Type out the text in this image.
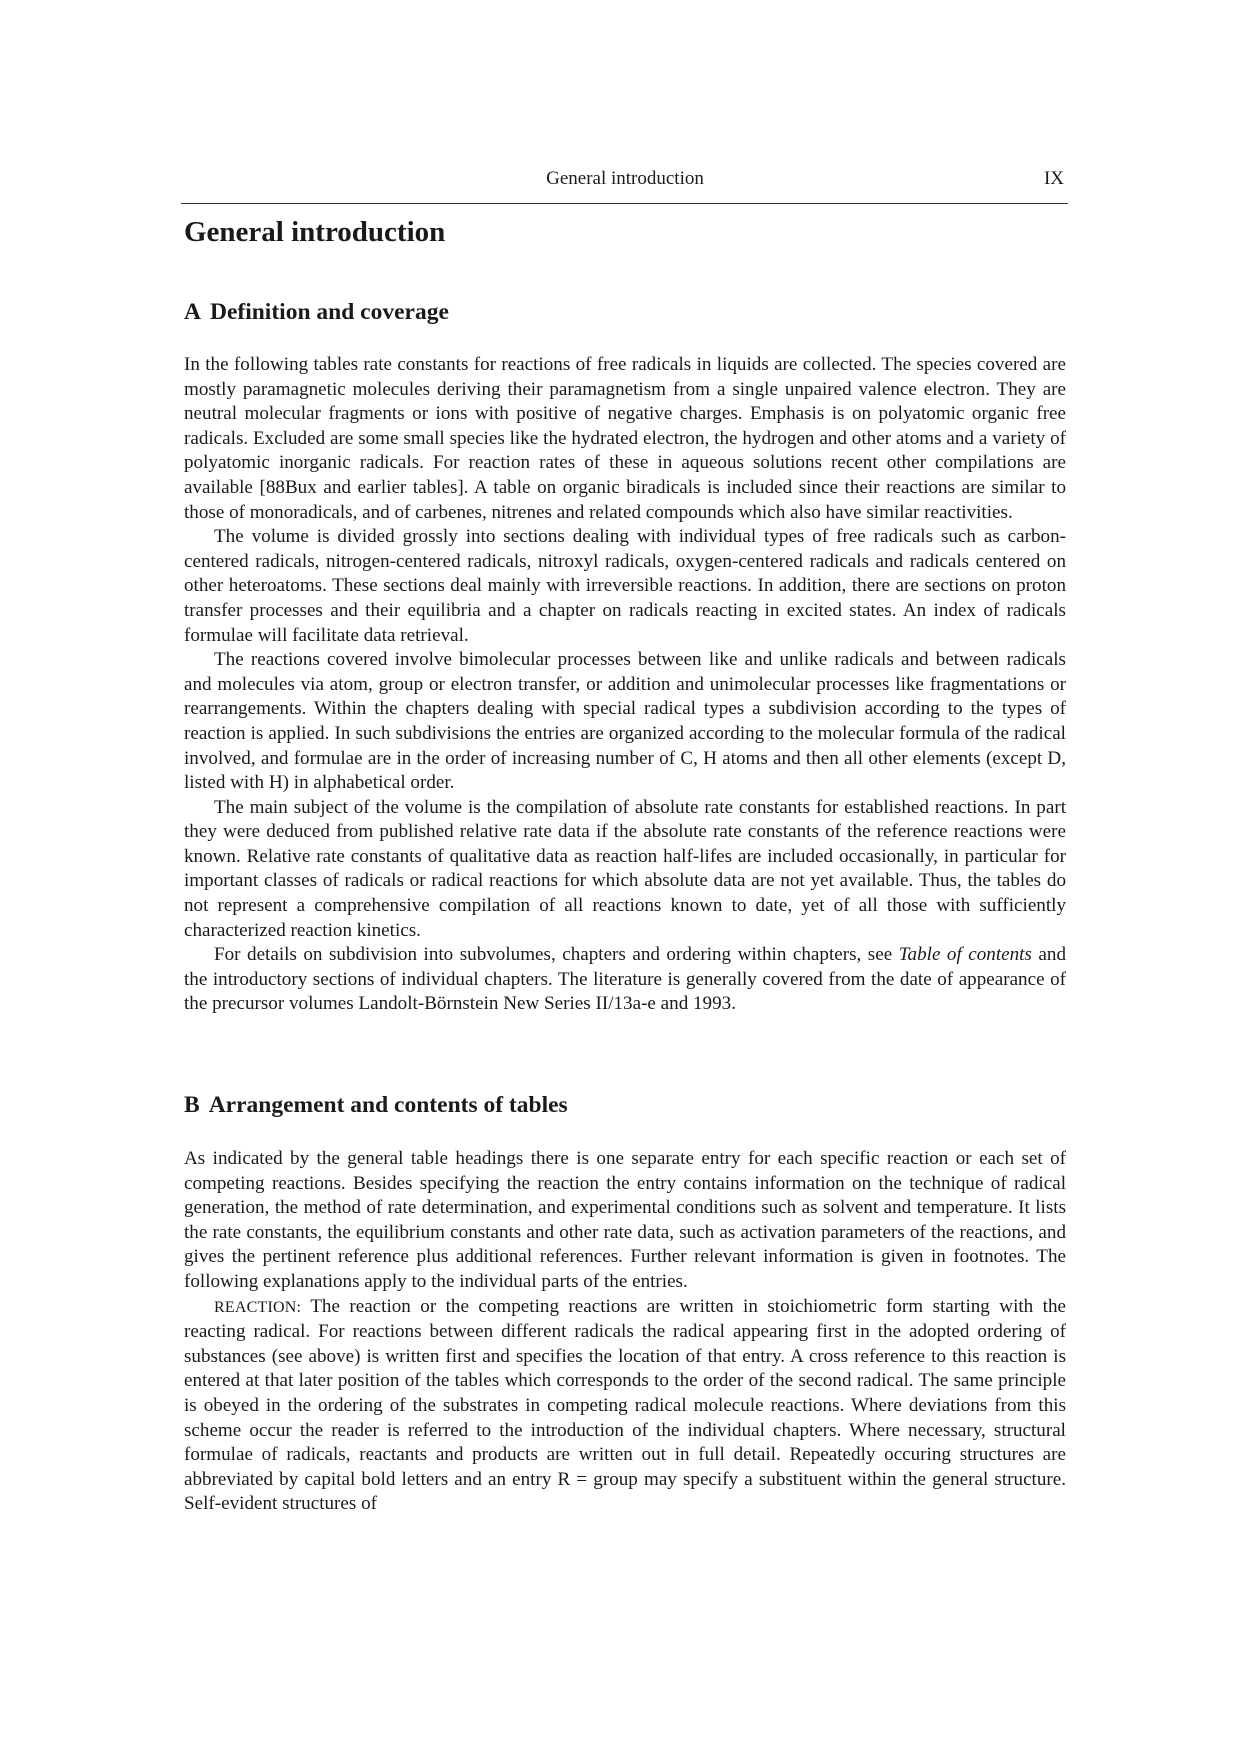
General introduction	IX
General introduction
A Definition and coverage

In the following tables rate constants for reactions of free radicals in liquids are collected. The species covered are mostly paramagnetic molecules deriving their paramagnetism from a single unpaired valence electron. They are neutral molecular fragments or ions with positive of negative charges. Emphasis is on polyatomic organic free radicals. Excluded are some small species like the hydrated electron, the hydrogen and other atoms and a variety of polyatomic inorganic radicals. For reaction rates of these in aqueous solutions recent other compilations are available [88Bux and earlier tables]. A table on organic biradicals is included since their reactions are similar to those of monoradicals, and of carbenes, nitrenes and related compounds which also have similar reactivities.

The volume is divided grossly into sections dealing with individual types of free radicals such as carbon-centered radicals, nitrogen-centered radicals, nitroxyl radicals, oxygen-centered radicals and radicals centered on other heteroatoms. These sections deal mainly with irreversible reactions. In addition, there are sections on proton transfer processes and their equilibria and a chapter on radicals reacting in excited states. An index of radicals formulae will facilitate data retrieval.

The reactions covered involve bimolecular processes between like and unlike radicals and between radicals and molecules via atom, group or electron transfer, or addition and unimolecular processes like fragmentations or rearrangements. Within the chapters dealing with special radical types a subdivision according to the types of reaction is applied. In such subdivisions the entries are organized according to the molecular formula of the radical involved, and formulae are in the order of increasing number of C, H atoms and then all other elements (except D, listed with H) in alphabetical order.

The main subject of the volume is the compilation of absolute rate constants for established reactions. In part they were deduced from published relative rate data if the absolute rate constants of the reference reactions were known. Relative rate constants of qualitative data as reaction half-lifes are included occasionally, in particular for important classes of radicals or radical reactions for which absolute data are not yet available. Thus, the tables do not represent a comprehensive compilation of all reactions known to date, yet of all those with sufficiently characterized reaction kinetics.

For details on subdivision into subvolumes, chapters and ordering within chapters, see Table of contents and the introductory sections of individual chapters. The literature is generally covered from the date of appearance of the precursor volumes Landolt-Börnstein New Series II/13a-e and 1993.

B Arrangement and contents of tables

As indicated by the general table headings there is one separate entry for each specific reaction or each set of competing reactions. Besides specifying the reaction the entry contains information on the technique of radical generation, the method of rate determination, and experimental conditions such as solvent and temperature. It lists the rate constants, the equilibrium constants and other rate data, such as activation parameters of the reactions, and gives the pertinent reference plus additional references. Further relevant information is given in footnotes. The following explanations apply to the individual parts of the entries.

REACTION: The reaction or the competing reactions are written in stoichiometric form starting with the reacting radical. For reactions between different radicals the radical appearing first in the adopted ordering of substances (see above) is written first and specifies the location of that entry. A cross reference to this reaction is entered at that later position of the tables which corresponds to the order of the second radical. The same principle is obeyed in the ordering of the substrates in competing radical molecule reactions. Where deviations from this scheme occur the reader is referred to the introduction of the individual chapters. Where necessary, structural formulae of radicals, reactants and products are written out in full detail. Repeatedly occuring structures are abbreviated by capital bold letters and an entry R = group may specify a substituent within the general structure. Self-evident structures of
